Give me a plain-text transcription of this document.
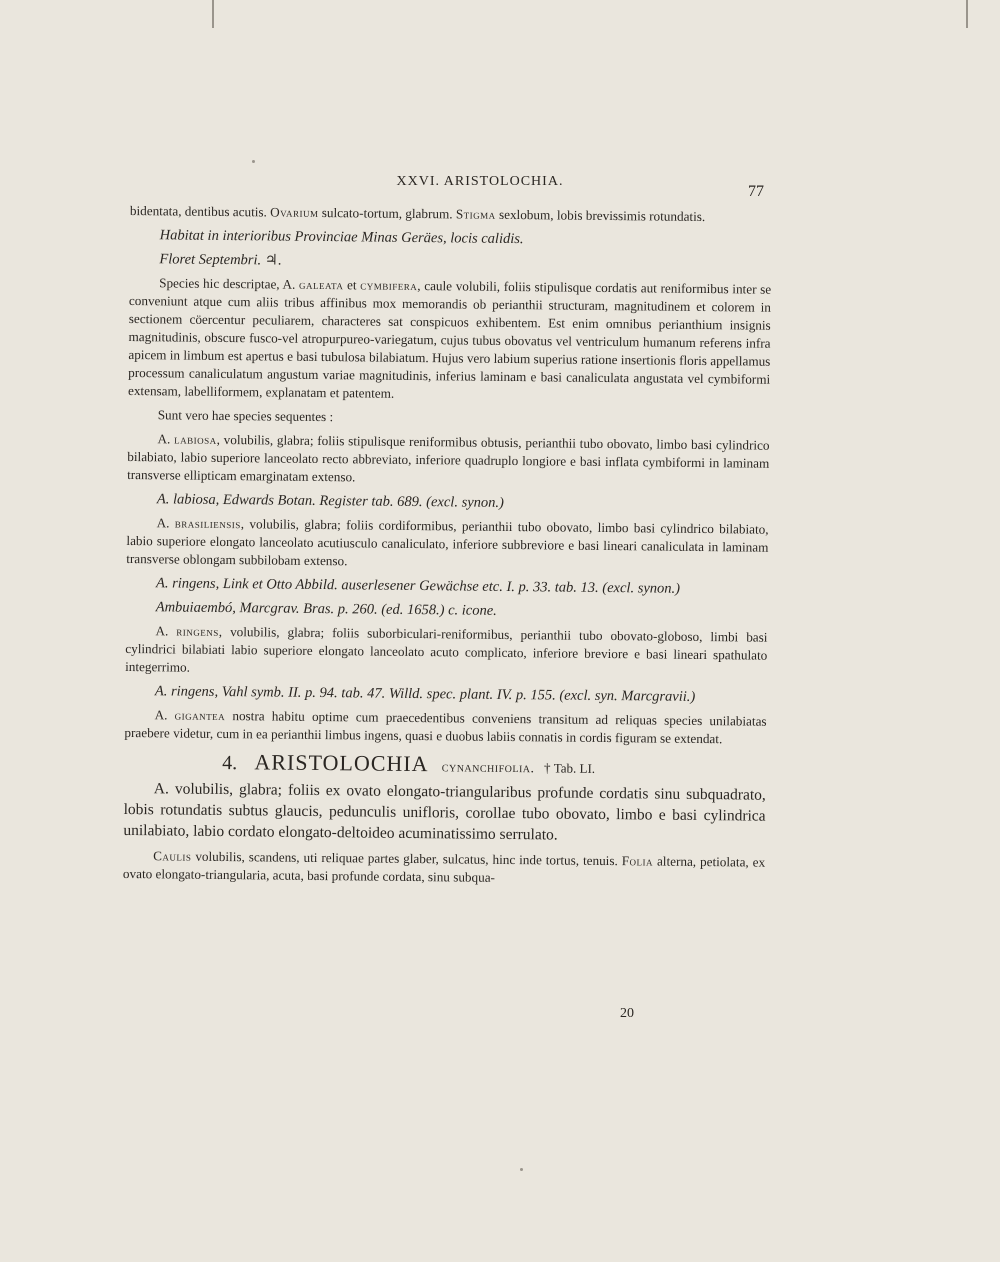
XXVI. ARISTOLOCHIA.
77

bidentata, dentibus acutis. Ovarium sulcato-tortum, glabrum. Stigma sexlobum, lobis brevissimis rotundatis.

Habitat in interioribus Provinciae Minas Geräes, locis calidis.

Floret Septembri. ♃.

Species hic descriptae, A. galeata et cymbifera, caule volubili, foliis stipulisque cordatis aut reniformibus inter se conveniunt atque cum aliis tribus affinibus mox memorandis ob perianthii structuram, magnitudinem et colorem in sectionem cöercentur peculiarem, characteres sat conspicuos exhibentem. Est enim omnibus perianthium insignis magnitudinis, obscure fusco-vel atropurpureo-variegatum, cujus tubus obovatus vel ventriculum humanum referens infra apicem in limbum est apertus e basi tubulosa bilabiatum. Hujus vero labium superius ratione insertionis floris appellamus processum canaliculatum angustum variae magnitudinis, inferius laminam e basi canaliculata angustata vel cymbiformi extensam, labelliformem, explanatam et patentem.

Sunt vero hae species sequentes :

A. labiosa, volubilis, glabra; foliis stipulisque reniformibus obtusis, perianthii tubo obovato, limbo basi cylindrico bilabiato, labio superiore lanceolato recto abbreviato, inferiore quadruplo longiore e basi inflata cymbiformi in laminam transverse ellipticam emarginatam extenso.

A. labiosa, Edwards Botan. Register tab. 689. (excl. synon.)

A. brasiliensis, volubilis, glabra; foliis cordiformibus, perianthii tubo obovato, limbo basi cylindrico bilabiato, labio superiore elongato lanceolato acutiusculo canaliculato, inferiore subbreviore e basi lineari canaliculata in laminam transverse oblongam subbilobam extenso.

A. ringens, Link et Otto Abbild. auserlesener Gewächse etc. I. p. 33. tab. 13. (excl. synon.)

Ambuiaembó, Marcgrav. Bras. p. 260. (ed. 1658.) c. icone.

A. ringens, volubilis, glabra; foliis suborbiculari-reniformibus, perianthii tubo obovato-globoso, limbi basi cylindrici bilabiati labio superiore elongato lanceolato acuto complicato, inferiore breviore e basi lineari spathulato integerrimo.

A. ringens, Vahl symb. II. p. 94. tab. 47. Willd. spec. plant. IV. p. 155. (excl. syn. Marcgravii.)

A. gigantea nostra habitu optime cum praecedentibus conveniens transitum ad reliquas species unilabiatas praebere videtur, cum in ea perianthii limbus ingens, quasi e duobus labiis connatis in cordis figuram se extendat.

4. ARISTOLOCHIA cynanchifolia. † Tab. LI.

A. volubilis, glabra; foliis ex ovato elongato-triangularibus profunde cordatis sinu subquadrato, lobis rotundatis subtus glaucis, pedunculis unifloris, corollae tubo obovato, limbo e basi cylindrica unilabiato, labio cordato elongato-deltoideo acuminatissimo serrulato.

Caulis volubilis, scandens, uti reliquae partes glaber, sulcatus, hinc inde tortus, tenuis. Folia alterna, petiolata, ex ovato elongato-triangularia, acuta, basi profunde cordata, sinu subqua-

20
